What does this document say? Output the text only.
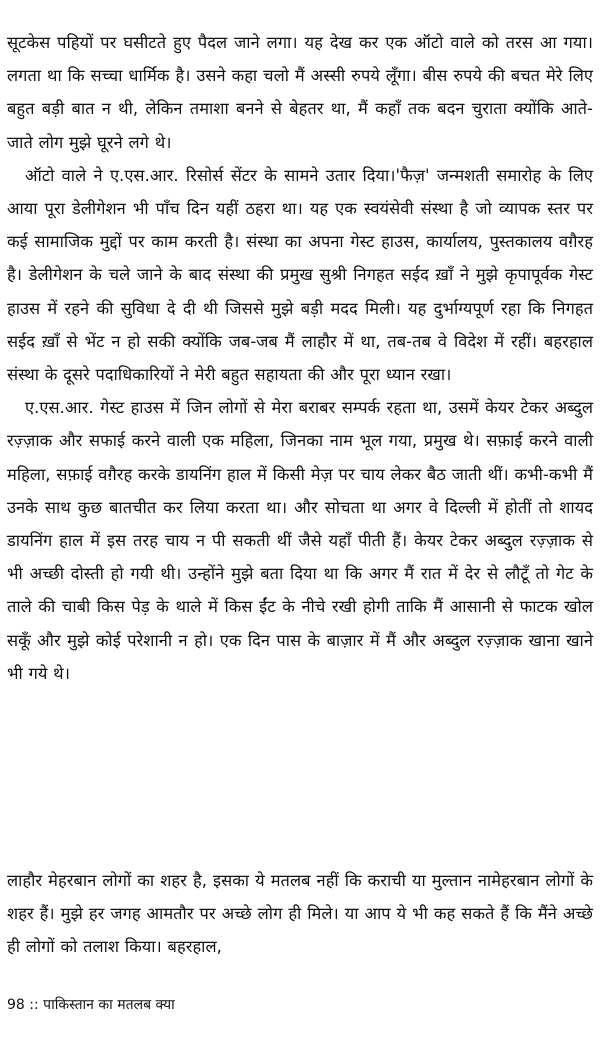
सूटकेस पहियों पर घसीटते हुए पैदल जाने लगा। यह देख कर एक ऑटो वाले को तरस आ गया। लगता था कि सच्चा धार्मिक है। उसने कहा चलो मैं अस्सी रुपये लूँगा। बीस रुपये की बचत मेरे लिए बहुत बड़ी बात न थी, लेकिन तमाशा बनने से बेहतर था, मैं कहाँ तक बदन चुराता क्योंकि आते-जाते लोग मुझे घूरने लगे थे।

ऑटो वाले ने ए.एस.आर. रिसोर्स सेंटर के सामने उतार दिया।'फैज़' जन्मशती समारोह के लिए आया पूरा डेलीगेशन भी पाँच दिन यहीं ठहरा था। यह एक स्वयंसेवी संस्था है जो व्यापक स्तर पर कई सामाजिक मुद्दों पर काम करती है। संस्था का अपना गेस्ट हाउस, कार्यालय, पुस्तकालय वग़ैरह है। डेलीगेशन के चले जाने के बाद संस्था की प्रमुख सुश्री निगहत सईद ख़ाँ ने मुझे कृपापूर्वक गेस्ट हाउस में रहने की सुविधा दे दी थी जिससे मुझे बड़ी मदद मिली। यह दुर्भाग्यपूर्ण रहा कि निगहत सईद ख़ाँ से भेंट न हो सकी क्योंकि जब-जब मैं लाहौर में था, तब-तब वे विदेश में रहीं। बहरहाल संस्था के दूसरे पदाधिकारियों ने मेरी बहुत सहायता की और पूरा ध्यान रखा।

ए.एस.आर. गेस्ट हाउस में जिन लोगों से मेरा बराबर सम्पर्क रहता था, उसमें केयर टेकर अब्दुल रज़्ज़ाक और सफाई करने वाली एक महिला, जिनका नाम भूल गया, प्रमुख थे। सफ़ाई करने वाली महिला, सफ़ाई वग़ैरह करके डायनिंग हाल में किसी मेज़ पर चाय लेकर बैठ जाती थीं। कभी-कभी मैं उनके साथ कुछ बातचीत कर लिया करता था। और सोचता था अगर वे दिल्ली में होतीं तो शायद डायनिंग हाल में इस तरह चाय न पी सकती थीं जैसे यहाँ पीती हैं। केयर टेकर अब्दुल रज़्ज़ाक से भी अच्छी दोस्ती हो गयी थी। उन्होंने मुझे बता दिया था कि अगर मैं रात में देर से लौटूँ तो गेट के ताले की चाबी किस पेड़ के थाले में किस ईंट के नीचे रखी होगी ताकि मैं आसानी से फाटक खोल सकूँ और मुझे कोई परेशानी न हो। एक दिन पास के बाज़ार में मैं और अब्दुल रज़्ज़ाक खाना खाने भी गये थे।

लाहौर मेहरबान लोगों का शहर है, इसका ये मतलब नहीं कि कराची या मुल्तान नामेहरबान लोगों के शहर हैं। मुझे हर जगह आमतौर पर अच्छे लोग ही मिले। या आप ये भी कह सकते हैं कि मैंने अच्छे ही लोगों को तलाश किया। बहरहाल,

98 :: पाकिस्तान का मतलब क्या
